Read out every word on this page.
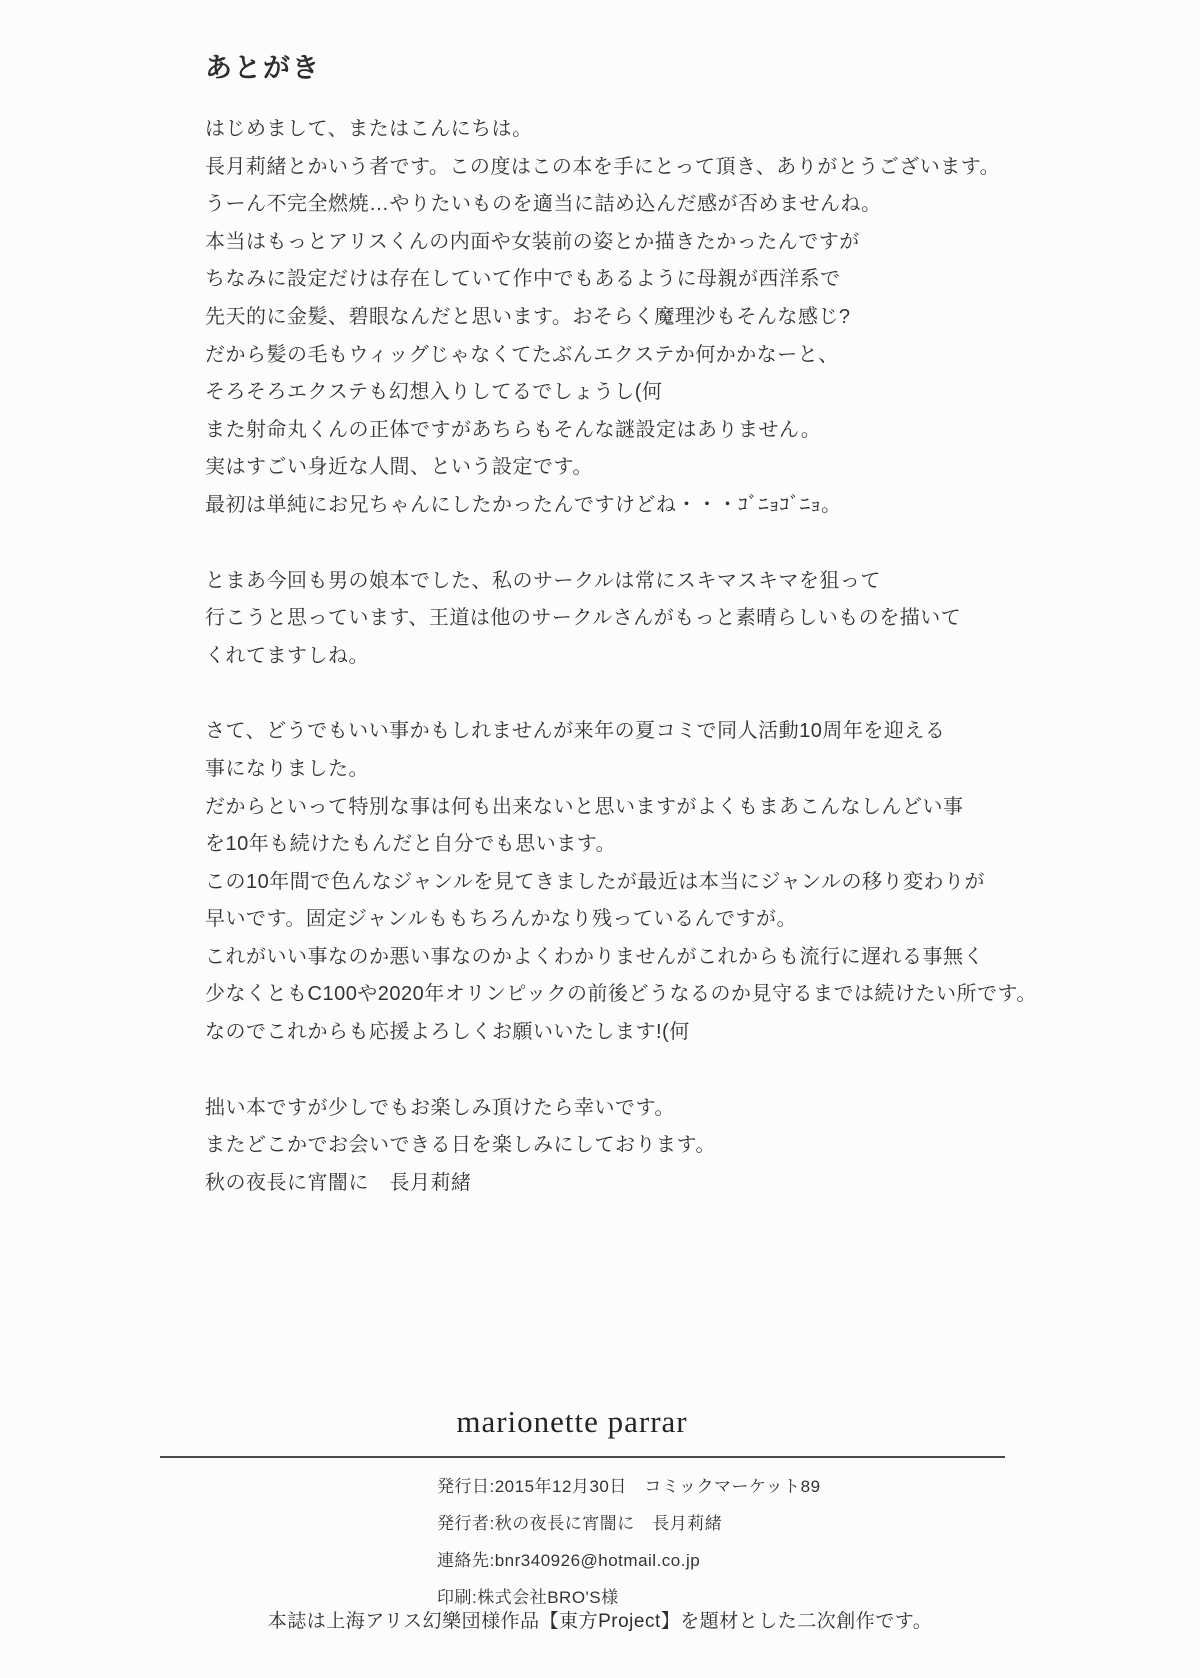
あとがき
はじめまして、またはこんにちは。
長月莉緒とかいう者です。この度はこの本を手にとって頂き、ありがとうございます。
うーん不完全燃焼…やりたいものを適当に詰め込んだ感が否めませんね。
本当はもっとアリスくんの内面や女装前の姿とか描きたかったんですが
ちなみに設定だけは存在していて作中でもあるように母親が西洋系で
先天的に金髪、碧眼なんだと思います。おそらく魔理沙もそんな感じ?
だから髪の毛もウィッグじゃなくてたぶんエクステか何かかなーと、
そろそろエクステも幻想入りしてるでしょうし(何
また射命丸くんの正体ですがあちらもそんな謎設定はありません。
実はすごい身近な人間、という設定です。
最初は単純にお兄ちゃんにしたかったんですけどね・・・ｺﾞﾆｮｺﾞﾆｮ。
とまあ今回も男の娘本でした、私のサークルは常にスキマスキマを狙って
行こうと思っています、王道は他のサークルさんがもっと素晴らしいものを描いて
くれてますしね。
さて、どうでもいい事かもしれませんが来年の夏コミで同人活動10周年を迎える
事になりました。
だからといって特別な事は何も出来ないと思いますがよくもまあこんなしんどい事
を10年も続けたもんだと自分でも思います。
この10年間で色んなジャンルを見てきましたが最近は本当にジャンルの移り変わりが
早いです。固定ジャンルももちろんかなり残っているんですが。
これがいい事なのか悪い事なのかよくわかりませんがこれからも流行に遅れる事無く
少なくともC100や2020年オリンピックの前後どうなるのか見守るまでは続けたい所です。
なのでこれからも応援よろしくお願いいたします!(何
拙い本ですが少しでもお楽しみ頂けたら幸いです。
またどこかでお会いできる日を楽しみにしております。
秋の夜長に宵闇に　長月莉緒
marionette parrar
発行日:2015年12月30日　コミックマーケット89
発行者:秋の夜長に宵闇に　長月莉緒
連絡先:bnr340926@hotmail.co.jp
印刷:株式会社BRO'S様
本誌は上海アリス幻樂団様作品【東方Project】を題材とした二次創作です。
